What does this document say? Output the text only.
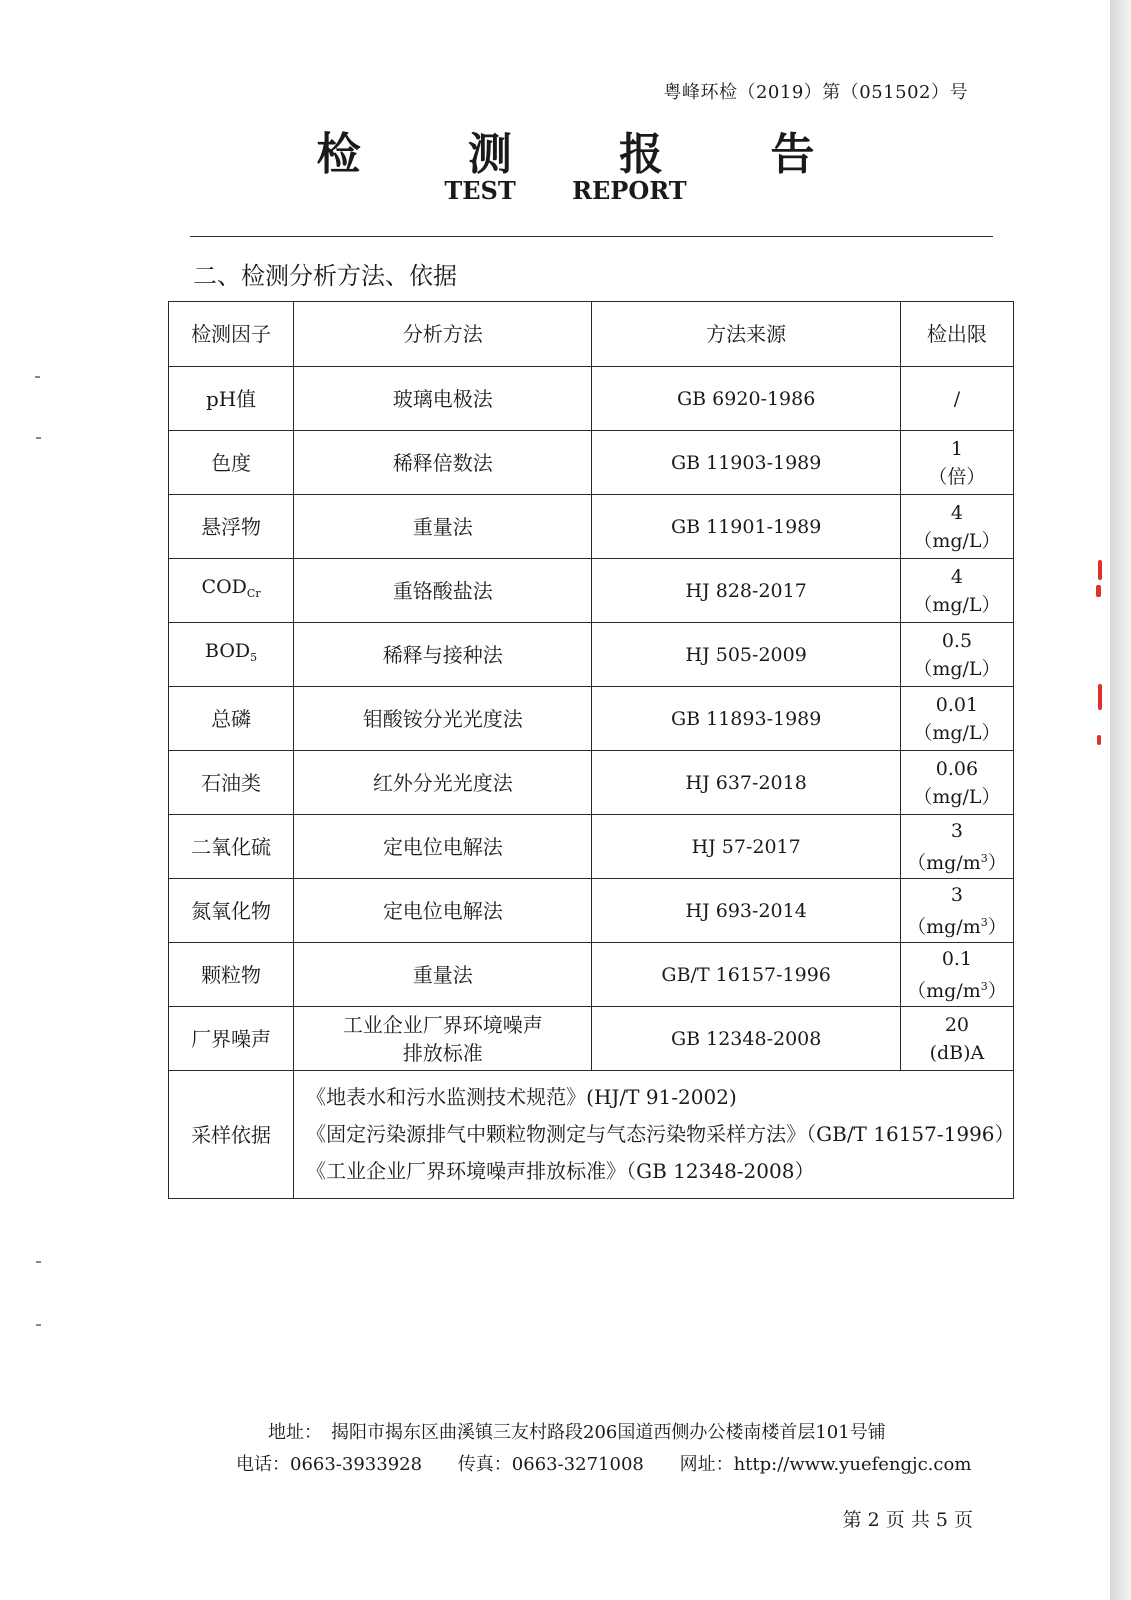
粤峰环检（2019）第（051502）号
检 测 报 告
TEST REPORT
二、检测分析方法、依据
检测因子	分析方法	方法来源	检出限
pH值	玻璃电极法	GB 6920-1986	/
色度	稀释倍数法	GB 11903-1989	1
（倍）
悬浮物	重量法	GB 11901-1989	4
（mg/L）
$COD_{Cr}$	重铬酸盐法	HJ 828-2017	4
（mg/L）
$BOD_5$	稀释与接种法	HJ 505-2009	0.5
（mg/L）
总磷	钼酸铵分光光度法	GB 11893-1989	0.01
（mg/L）
石油类	红外分光光度法	HJ 637-2018	0.06
（mg/L）
二氧化硫	定电位电解法	HJ 57-2017	3
$(mg/m^3)$
氮氧化物	定电位电解法	HJ 693-2014	3
$(mg/m^3)$
颗粒物	重量法	GB/T 16157-1996	0.1
$(mg/m^3)$
厂界噪声	工业企业厂界环境噪声
排放标准	GB 12348-2008	20
(dB)A
采样依据	《地表水和污水监测技术规范》(HJ/T 91-2002)
《固定污染源排气中颗粒物测定与气态污染物采样方法》（GB/T 16157-1996）
《工业企业厂界环境噪声排放标准》（GB 12348-2008）		
地址：　揭阳市揭东区曲溪镇三友村路段206国道西侧办公楼南楼首层101号铺
电话：0663-3933928 传真：0663-3271008 网址：http://www.yuefengjc.com
第 2 页 共 5 页
